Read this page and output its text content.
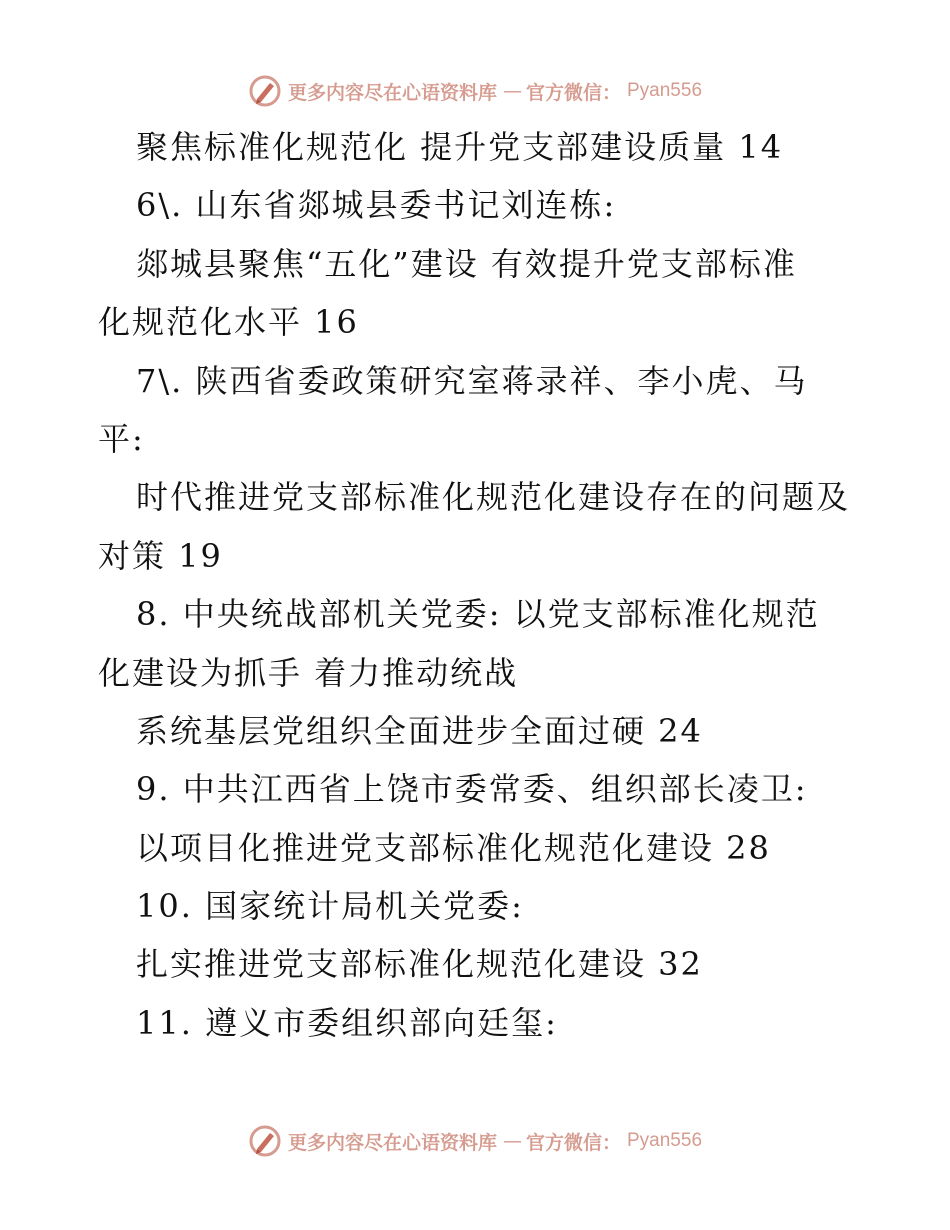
更多内容尽在心语资料库 — 官方微信： Pyan556
聚焦标准化规范化 提升党支部建设质量 14
6\. 山东省郯城县委书记刘连栋:
郯城县聚焦“五化”建设 有效提升党支部标准
化规范化水平 16
7\. 陕西省委政策研究室蒋录祥、李小虎、马
平:
时代推进党支部标准化规范化建设存在的问题及
对策 19
8. 中央统战部机关党委: 以党支部标准化规范
化建设为抓手 着力推动统战
系统基层党组织全面进步全面过硬 24
9. 中共江西省上饶市委常委、组织部长凌卫:
以项目化推进党支部标准化规范化建设 28
10. 国家统计局机关党委:
扎实推进党支部标准化规范化建设 32
11. 遵义市委组织部向廷玺:
更多内容尽在心语资料库 — 官方微信： Pyan556
